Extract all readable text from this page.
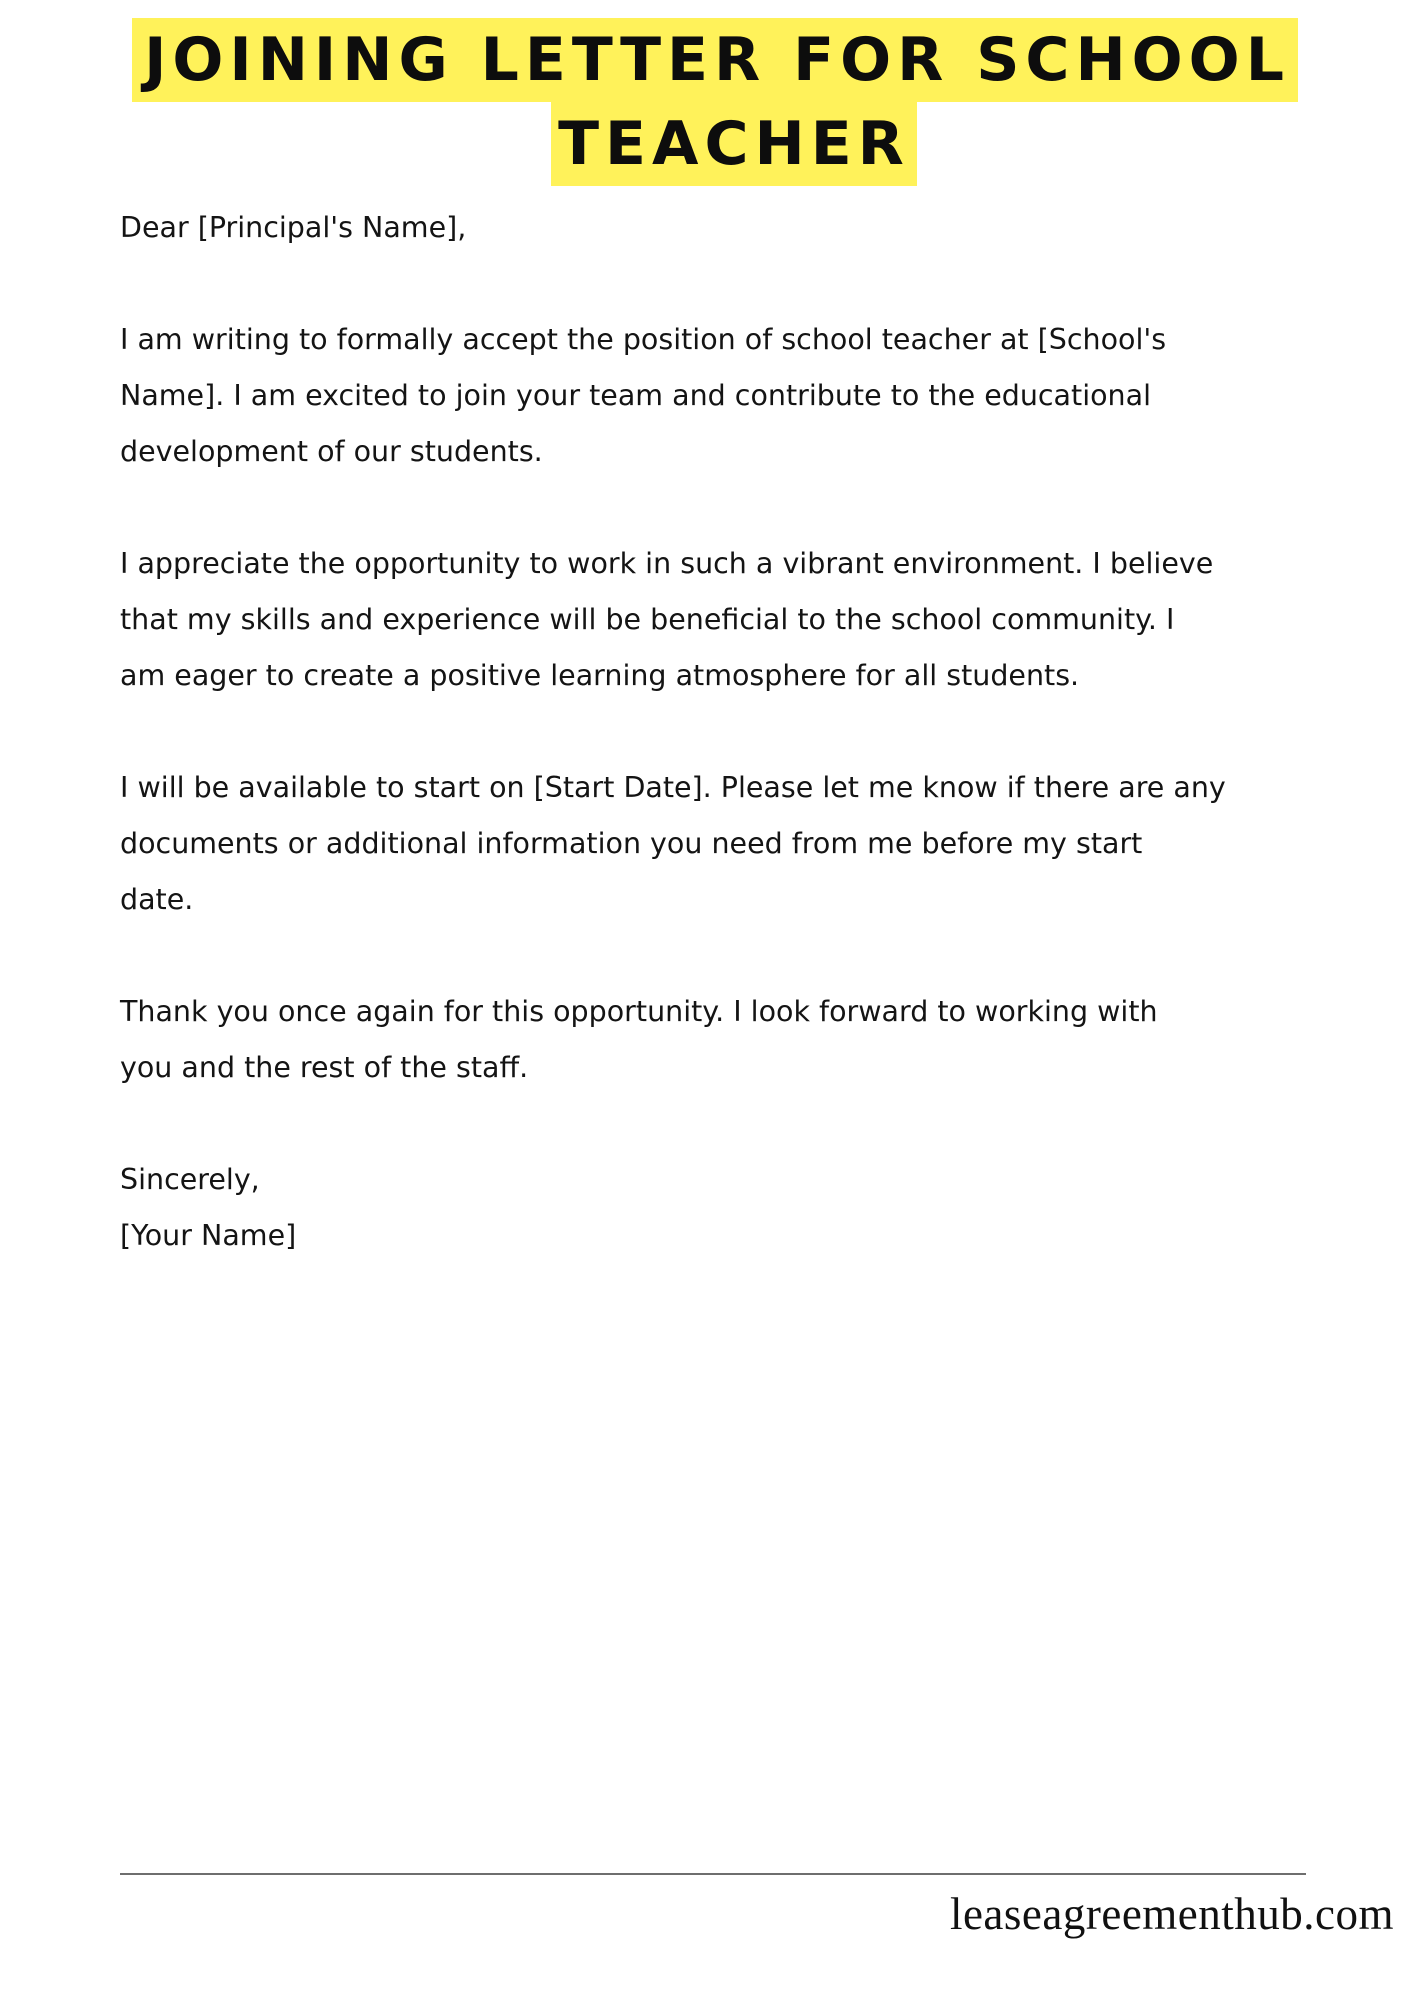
JOINING LETTER FOR SCHOOL
TEACHER

Dear [Principal's Name],

I am writing to formally accept the position of school teacher at [School's
Name]. I am excited to join your team and contribute to the educational
development of our students.

I appreciate the opportunity to work in such a vibrant environment. I believe
that my skills and experience will be beneficial to the school community. I
am eager to create a positive learning atmosphere for all students.

I will be available to start on [Start Date]. Please let me know if there are any
documents or additional information you need from me before my start
date.

Thank you once again for this opportunity. I look forward to working with
you and the rest of the staff.

Sincerely,
[Your Name]

leaseagreementhub.com
